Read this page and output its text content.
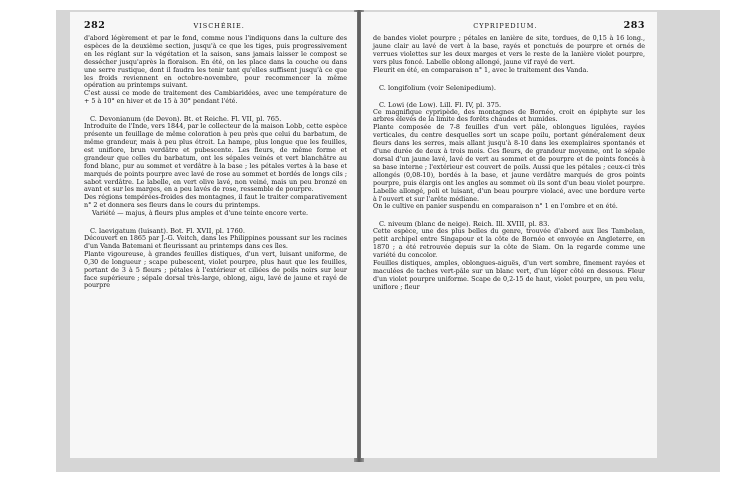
282	VISCHÉRIE.

d'abord légèrement et par le fond, comme nous l'indiquons dans la culture des espèces de la deuxième section, jusqu'à ce que les tiges, puis progressivement en les réglant sur la végétation et la saison, sans jamais laisser le compost se dessécher jusqu'après la floraison. En été, on les place dans la couche ou dans une serre rustique, dont il faudra les tenir tant qu'elles suffisent jusqu'à ce que les froids reviennent en octobre-novembre, pour recommencer la même opération au printemps suivant.

C'est aussi ce mode de traitement des Cambiaridées, avec une température de + 5 à 10° en hiver et de 15 à 30° pendant l'été.

C. Devonianum (de Devon). Bt. et Reiche. Fl. VII, pl. 765.

Introduite de l'Inde, vers 1844, par le collecteur de la maison Lobb, cette espèce présente un feuillage de même coloration à peu près que celui du barbatum, de même grandeur, mais à peu plus étroit. La hampe, plus longue que les feuilles, est uniflore, brun verdâtre et pubescente. Les fleurs, de même forme et grandeur que celles du barbatum, ont les sépales veinés et vert blanchâtre au fond blanc, pur au sommet et verdâtre à la base ; les pétales vertes à la base et marqués de points pourpre avec lavé de rose au sommet et bordés de longs cils ; sabot verdâtre. Le labelle, en vert olive lavé, non veiné, mais un peu bronzé en avant et sur les marges, en a peu lavés de rose, ressemble de pourpre.

Des régions tempérées-froides des montagnes, il faut le traiter comparativement n° 2 et donnera ses fleurs dans le cours du printemps.

Variété — majus, à fleurs plus amples et d'une teinte encore verte.

C. laevigatum (luisant). Bot. Fl. XVII, pl. 1760.

Découvert en 1865 par J.-G. Veitch, dans les Philippines poussant sur les racines d'un Vanda Batemani et fleurissant au printemps dans ces îles.

Plante vigoureuse, à grandes feuilles distiques, d'un vert, luisant uniforme, de 0,30 de longueur ; scape pubescent, violet pourpre, plus haut que les feuilles, portant de 3 à 5 fleurs ; pétales à l'extérieur et ciliées de poils noirs sur leur face supérieure ; sépale dorsal très-large, oblong, aigu, lavé de jaune et rayé de pourpre

CYPRIPEDIUM.	283

de bandes violet pourpre ; pétales en lanière de site, tordues, de 0,15 à 16 long., jaune clair au lavé de vert à la base, rayés et ponctués de pourpre et ornés de verrues violettes sur les deux marges et vers le reste de la lanière violet pourpre, vers plus foncé. Labelle oblong allongé, jaune vif rayé de vert.

Fleurit en été, en comparaison n° 1, avec le traitement des Vanda.

C. longifolium (voir Selenipedium).

C. Lowi (de Low). Lill. Fl. IV, pl. 375.

Ce magnifique cypripède, des montagnes de Bornéo, croit en épiphyte sur les arbres élevés de la limite des forêts chaudes et humides.

Plante composée de 7-8 feuilles d'un vert pâle, oblongues ligulées, rayées verticales, du centre desquelles sort un scape poilu, portant généralement deux fleurs dans les serres, mais allant jusqu'à 8-10 dans les exemplaires spontanés et d'une durée de deux à trois mois. Ces fleurs, de grandeur moyenne, ont le sépale dorsal d'un jaune lavé, lavé de vert au sommet et de pourpre et de points foncés à sa base interne ; l'extérieur est couvert de poils. Aussi que les pétales ; ceux-ci très allongés (0,08-10), bordés à la base, et jaune verdâtre marqués de gros points pourpre, puis élargis ont les angles au sommet où ils sont d'un beau violet pourpre. Labelle allongé, poli et luisant, d'un beau pourpre violacé, avec une bordure verte à l'ouvert et sur l'arête médiane.

On le cultive en panier suspendu en comparaison n° 1 en l'ombre et en été.

C. niveum (blanc de neige). Reich. Ill. XVIII, pl. 83.

Cette espèce, une des plus belles du genre, trouvée d'abord aux îles Tambelan, petit archipel entre Singapour et la côte de Bornéo et envoyée en Angleterre, en 1870 ; a été retrouvée depuis sur la côte de Siam. On la regarde comme une variété du concolor.

Feuilles distiques, amples, oblongues-aiguës, d'un vert sombre, finement rayées et maculées de taches vert-pâle sur un blanc vert, d'un léger côté en dessous. Fleur d'un violet pourpre uniforme. Scape de 0,2-15 de haut, violet pourpre, un peu velu, uniflore ; fleur
